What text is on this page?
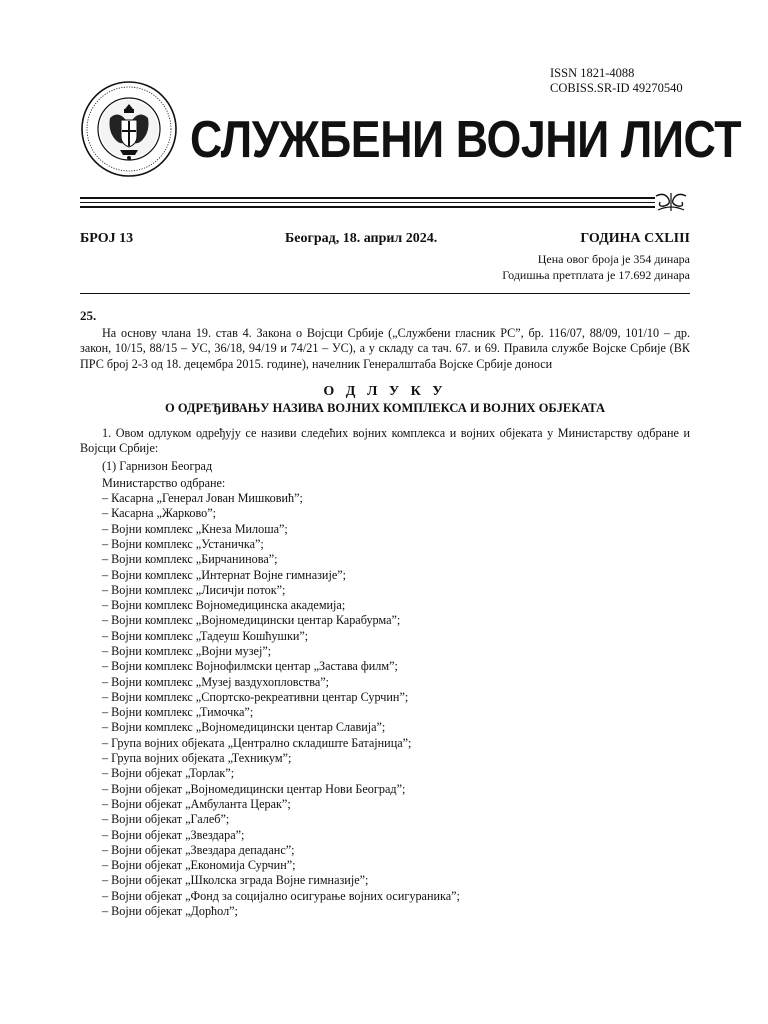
ISSN 1821-4088
COBISS.SR-ID 49270540
СЛУЖБЕНИ ВОЈНИ ЛИСТ
БРОЈ 13	Београд, 18. април 2024.	ГОДИНА CXLIII
Цена овог броја је 354 динара
Годишња претплата је 17.692 динара
25.

На основу члана 19. став 4. Закона о Војсци Србије („Службени гласник РС”, бр. 116/07, 88/09, 101/10 – др. закон, 10/15, 88/15 – УС, 36/18, 94/19 и 74/21 – УС), а у складу са тач. 67. и 69. Правила службе Војске Србије (ВК ПРС број 2-3 од 18. децембра 2015. године), начелник Генералштаба Војске Србије доноси

О Д Л У К У
О ОДРЕЂИВАЊУ НАЗИВА ВОЈНИХ КОМПЛЕКСА И ВОЈНИХ ОБЈЕКАТА

1. Овом одлуком одређују се називи следећих војних комплекса и војних објеката у Министарству одбране и Војсци Србије:

(1) Гарнизон Београд
Министарство одбране:
– Касарна „Генерал Јован Мишковић”;
– Касарна „Жарково”;
– Војни комплекс „Кнеза Милоша”;
– Војни комплекс „Устаничка”;
– Војни комплекс „Бирчанинова”;
– Војни комплекс „Интернат Војне гимназије”;
– Војни комплекс „Лисичји поток”;
– Војни комплекс Војномедицинска академија;
– Војни комплекс „Војномедицински центар Карабурма”;
– Војни комплекс „Тадеуш Кошћушки”;
– Војни комплекс „Војни музеј”;
– Војни комплекс Војнофилмски центар „Застава филм”;
– Војни комплекс „Музеј ваздухопловства”;
– Војни комплекс „Спортско-рекреативни центар Сурчин”;
– Војни комплекс „Тимочка”;
– Војни комплекс „Војномедицински центар Славија”;
– Група војних објеката „Централно складиште Батајница”;
– Група војних објеката „Техникум”;
– Војни објекат „Торлак”;
– Војни објекат „Војномедицински центар Нови Београд”;
– Војни објекат „Амбуланта Церак”;
– Војни објекат „Галеб”;
– Војни објекат „Звездара”;
– Војни објекат „Звездара депаданс”;
– Војни објекат „Економија Сурчин”;
– Војни објекат „Школска зграда Војне гимназије”;
– Војни објекат „Фонд за социјално осигурање војних осигураника”;
– Војни објекат „Дорћол”;
